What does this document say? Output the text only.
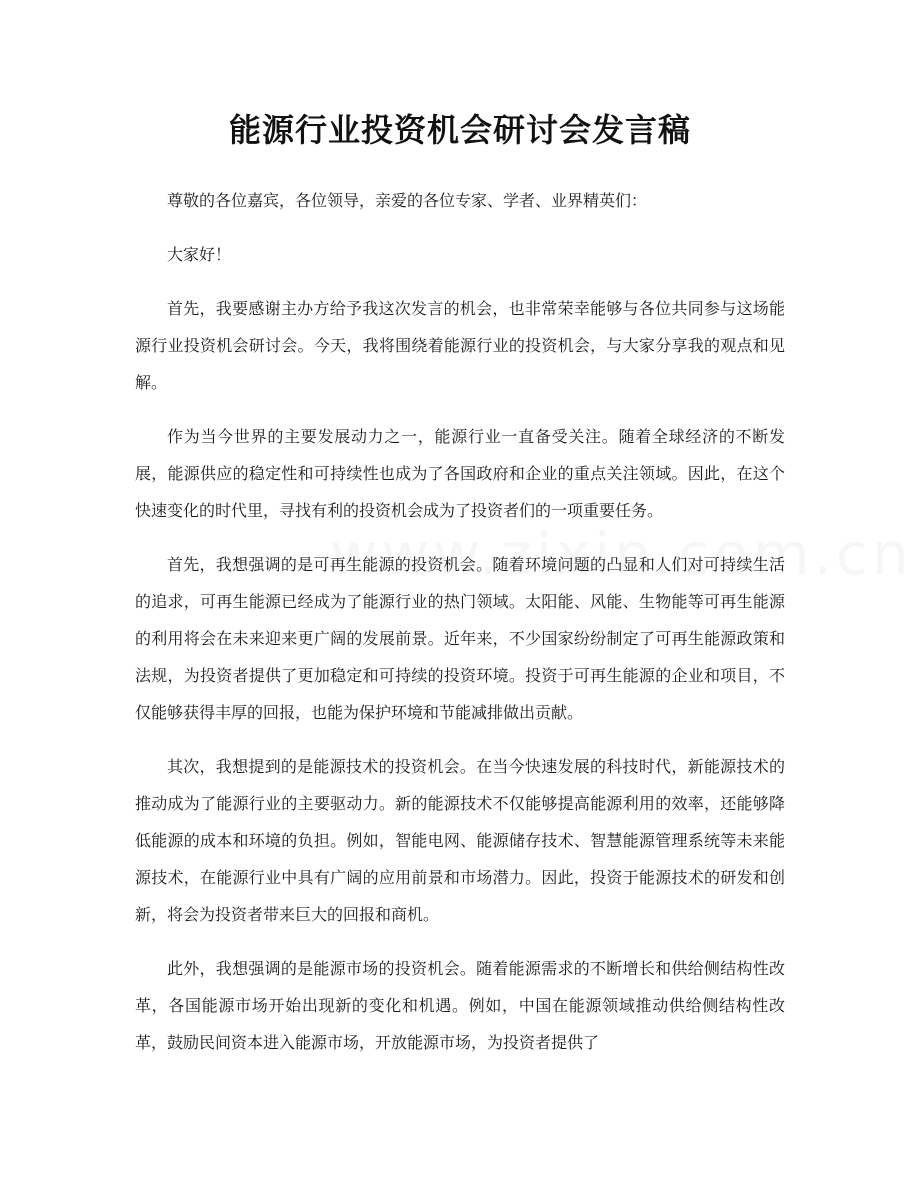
能源行业投资机会研讨会发言稿

尊敬的各位嘉宾，各位领导，亲爱的各位专家、学者、业界精英们：

大家好！

首先，我要感谢主办方给予我这次发言的机会，也非常荣幸能够与各位共同参与这场能源行业投资机会研讨会。今天，我将围绕着能源行业的投资机会，与大家分享我的观点和见解。

作为当今世界的主要发展动力之一，能源行业一直备受关注。随着全球经济的不断发展，能源供应的稳定性和可持续性也成为了各国政府和企业的重点关注领域。因此，在这个快速变化的时代里，寻找有利的投资机会成为了投资者们的一项重要任务。

首先，我想强调的是可再生能源的投资机会。随着环境问题的凸显和人们对可持续生活的追求，可再生能源已经成为了能源行业的热门领域。太阳能、风能、生物能等可再生能源的利用将会在未来迎来更广阔的发展前景。近年来，不少国家纷纷制定了可再生能源政策和法规，为投资者提供了更加稳定和可持续的投资环境。投资于可再生能源的企业和项目，不仅能够获得丰厚的回报，也能为保护环境和节能减排做出贡献。

其次，我想提到的是能源技术的投资机会。在当今快速发展的科技时代，新能源技术的推动成为了能源行业的主要驱动力。新的能源技术不仅能够提高能源利用的效率，还能够降低能源的成本和环境的负担。例如，智能电网、能源储存技术、智慧能源管理系统等未来能源技术，在能源行业中具有广阔的应用前景和市场潜力。因此，投资于能源技术的研发和创新，将会为投资者带来巨大的回报和商机。

此外，我想强调的是能源市场的投资机会。随着能源需求的不断增长和供给侧结构性改革，各国能源市场开始出现新的变化和机遇。例如，中国在能源领域推动供给侧结构性改革，鼓励民间资本进入能源市场，开放能源市场，为投资者提供了
